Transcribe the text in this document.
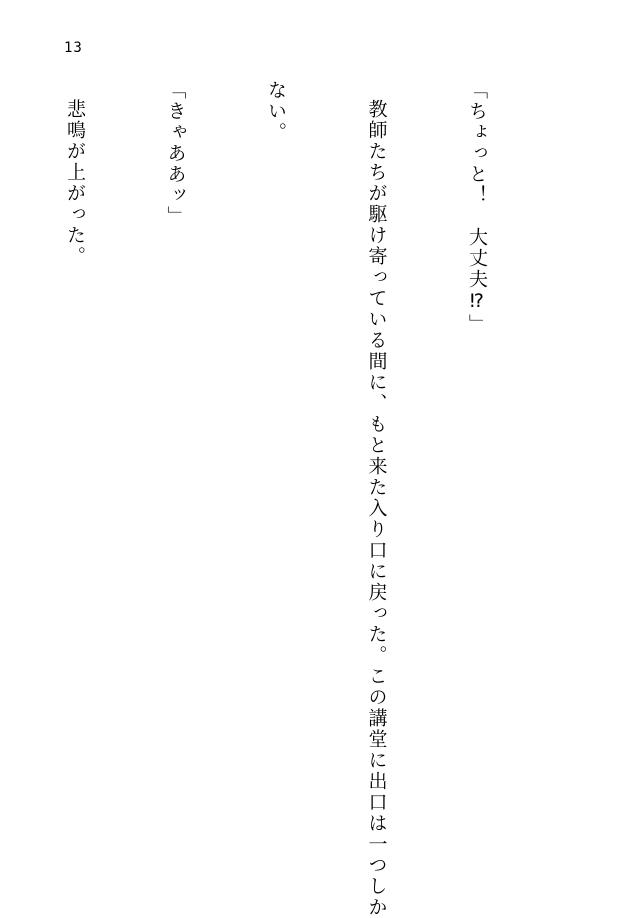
13

「ちょっと！　大丈夫⁉」

教師たちが駆け寄っている間に、もと来た入り口に戻った。この講堂に出口は一つしか

ない。

「きゃああッ」

悲鳴が上がった。
